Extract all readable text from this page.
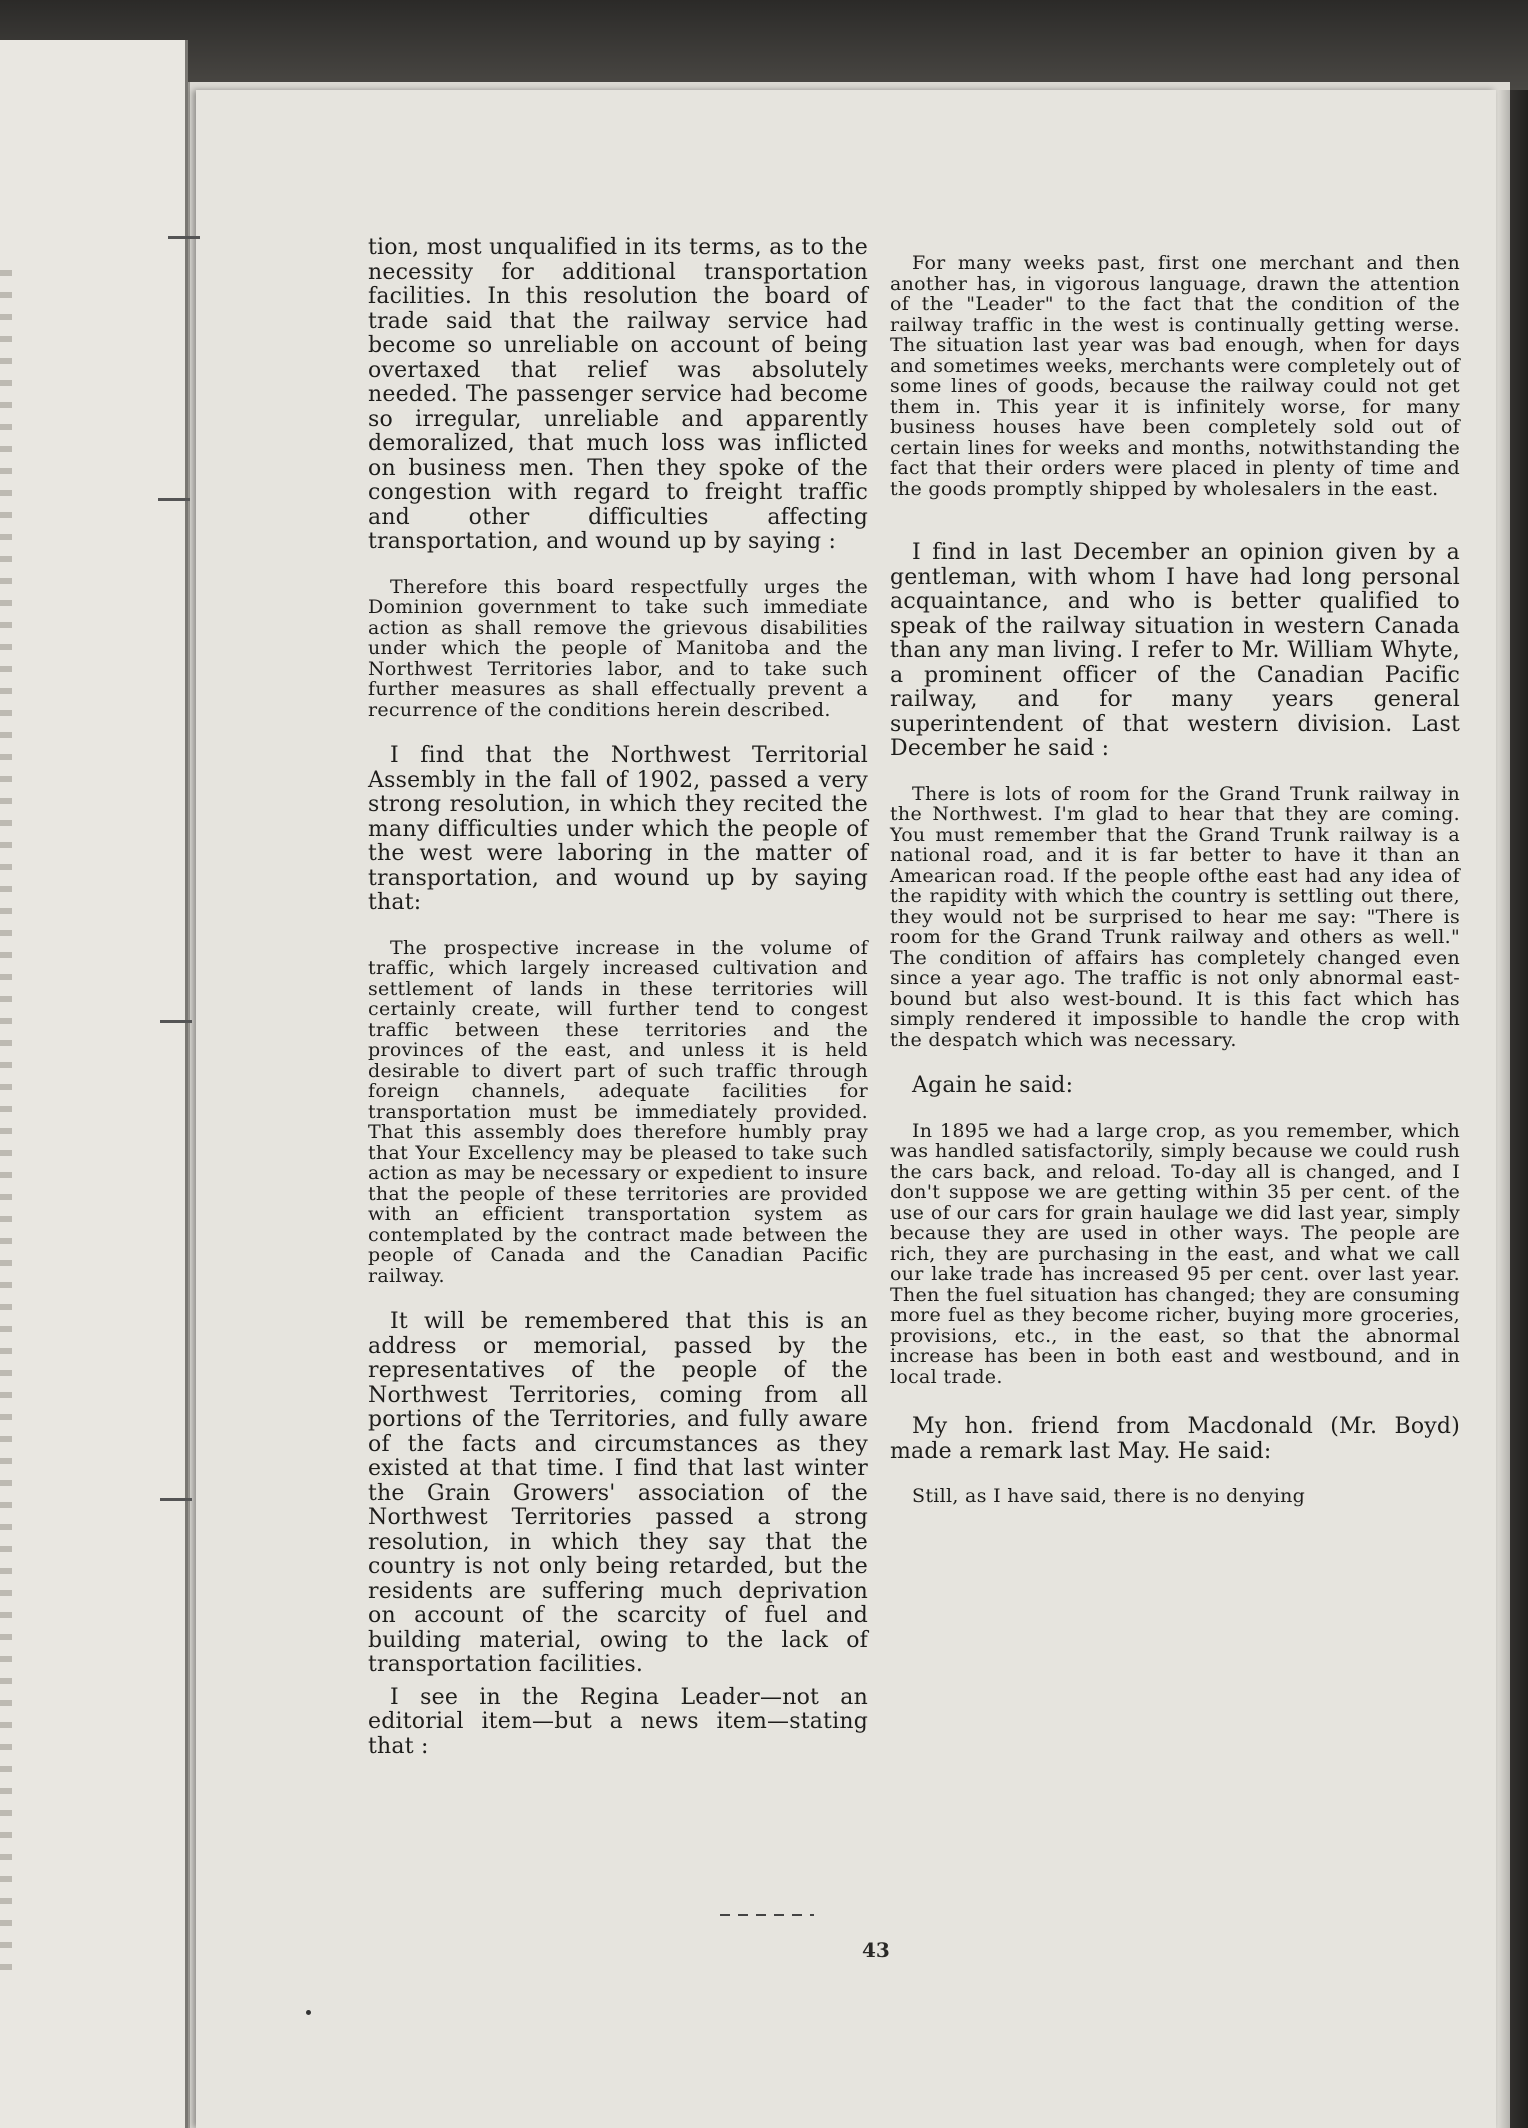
tion, most unqualified in its terms, as to the necessity for additional transportation facilities. In this resolution the board of trade said that the railway service had become so unreliable on account of being overtaxed that relief was absolutely needed. The passenger service had become so irregular, unreliable and apparently demoralized, that much loss was inflicted on business men. Then they spoke of the congestion with regard to freight traffic and other difficulties affecting transportation, and wound up by saying :

Therefore this board respectfully urges the Dominion government to take such immediate action as shall remove the grievous disabilities under which the people of Manitoba and the Northwest Territories labor, and to take such further measures as shall effectually prevent a recurrence of the conditions herein described.

I find that the Northwest Territorial Assembly in the fall of 1902, passed a very strong resolution, in which they recited the many difficulties under which the people of the west were laboring in the matter of transportation, and wound up by saying that:

The prospective increase in the volume of traffic, which largely increased cultivation and settlement of lands in these territories will certainly create, will further tend to congest traffic between these territories and the provinces of the east, and unless it is held desirable to divert part of such traffic through foreign channels, adequate facilities for transportation must be immediately provided. That this assembly does therefore humbly pray that Your Excellency may be pleased to take such action as may be necessary or expedient to insure that the people of these territories are provided with an efficient transportation system as contemplated by the contract made between the people of Canada and the Canadian Pacific railway.

It will be remembered that this is an address or memorial, passed by the representatives of the people of the Northwest Territories, coming from all portions of the Territories, and fully aware of the facts and circumstances as they existed at that time. I find that last winter the Grain Growers' association of the Northwest Territories passed a strong resolution, in which they say that the country is not only being retarded, but the residents are suffering much deprivation on account of the scarcity of fuel and building material, owing to the lack of transportation facilities.

I see in the Regina Leader—not an editorial item—but a news item—stating that :

For many weeks past, first one merchant and then another has, in vigorous language, drawn the attention of the "Leader" to the fact that the condition of the railway traffic in the west is continually getting werse. The situation last year was bad enough, when for days and sometimes weeks, merchants were completely out of some lines of goods, because the railway could not get them in. This year it is infinitely worse, for many business houses have been completely sold out of certain lines for weeks and months, notwithstanding the fact that their orders were placed in plenty of time and the goods promptly shipped by wholesalers in the east.

I find in last December an opinion given by a gentleman, with whom I have had long personal acquaintance, and who is better qualified to speak of the railway situation in western Canada than any man living. I refer to Mr. William Whyte, a prominent officer of the Canadian Pacific railway, and for many years general superintendent of that western division. Last December he said :

There is lots of room for the Grand Trunk railway in the Northwest. I'm glad to hear that they are coming. You must remember that the Grand Trunk railway is a national road, and it is far better to have it than an Amearican road. If the people ofthe east had any idea of the rapidity with which the country is settling out there, they would not be surprised to hear me say: "There is room for the Grand Trunk railway and others as well." The condition of affairs has completely changed even since a year ago. The traffic is not only abnormal east-bound but also west-bound. It is this fact which has simply rendered it impossible to handle the crop with the despatch which was necessary.

Again he said:

In 1895 we had a large crop, as you remember, which was handled satisfactorily, simply because we could rush the cars back, and reload. To-day all is changed, and I don't suppose we are getting within 35 per cent. of the use of our cars for grain haulage we did last year, simply because they are used in other ways. The people are rich, they are purchasing in the east, and what we call our lake trade has increased 95 per cent. over last year. Then the fuel situation has changed; they are consuming more fuel as they become richer, buying more groceries, provisions, etc., in the east, so that the abnormal increase has been in both east and westbound, and in local trade.

My hon. friend from Macdonald (Mr. Boyd) made a remark last May. He said:

Still, as I have said, there is no denying

43
